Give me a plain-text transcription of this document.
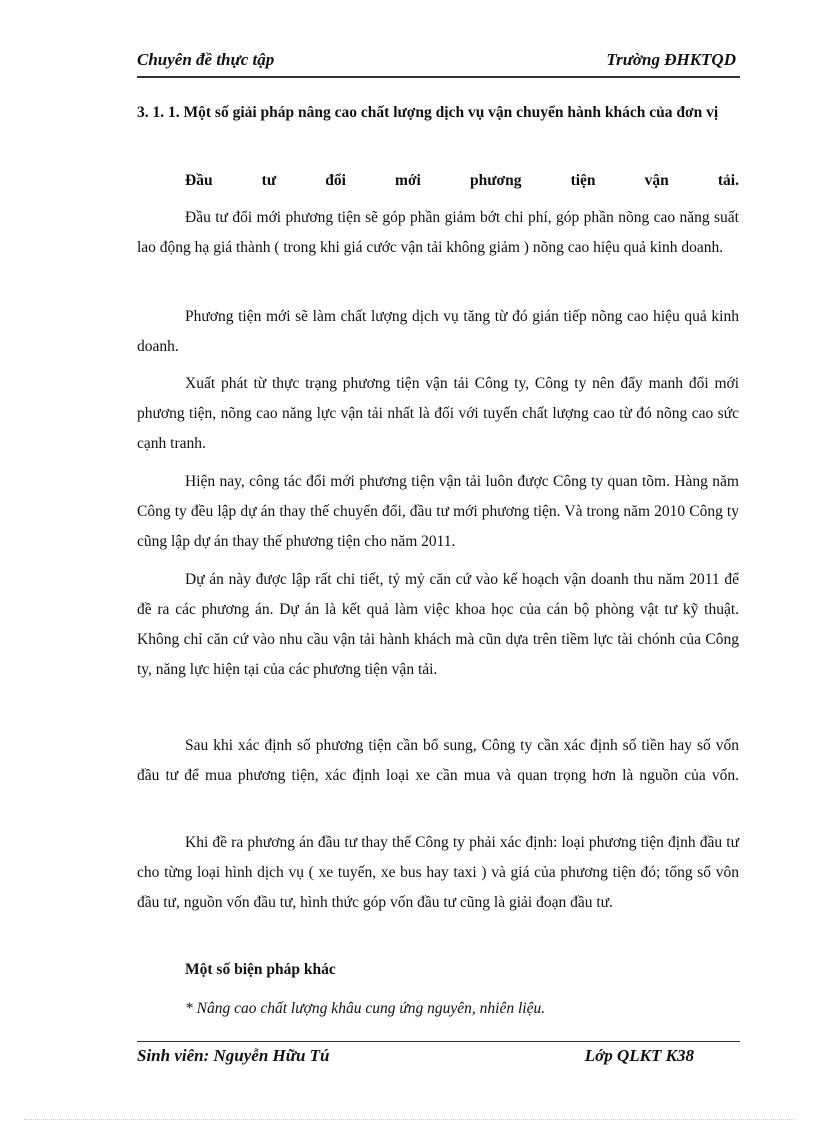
Chuyên đề thực tập	Trường ĐHKTQD
3. 1. 1. Một số giải pháp nâng cao chất lượng dịch vụ vận chuyển hành khách của đơn vị
Đầu tư đổi mới phương tiện vận tải.
Đầu tư đổi mới phương tiện sẽ góp phần giảm bớt chi phí, góp phần nõng cao năng suất lao động hạ giá thành ( trong khi giá cước vận tải không giảm ) nõng cao hiệu quả kinh doanh.
Phương tiện mới sẽ làm chất lượng dịch vụ tăng từ đó gián tiếp nõng cao hiệu quả kinh doanh.
Xuất phát từ thực trạng phương tiện vận tải Công ty, Công ty nên đẩy manh đổi mới phương tiện, nõng cao năng lực vận tải nhất là đối với tuyến chất lượng cao từ đó nõng cao sức cạnh tranh.
Hiện nay, công tác đổi mới phương tiện vận tải luôn được Công ty quan tõm. Hàng năm Công ty đều lập dự án thay thế chuyển đổi, đầu tư mới phương tiện. Và trong năm 2010 Công ty cũng lập dự án thay thế phương tiện cho năm 2011.
Dự án này được lập rất chi tiết, tỷ mỷ căn cứ vào kế hoạch vận doanh thu năm 2011 để đề ra các phương án. Dự án là kết quả làm việc khoa học của cán bộ phòng vật tư kỹ thuật. Không chỉ căn cứ vào nhu cầu vận tải hành khách mà cũn dựa trên tiềm lực tài chónh của Công ty, năng lực hiện tại của các phương tiện vận tải.
Sau khi xác định số phương tiện cần bổ sung, Công ty cần xác định số tiền hay số vốn đầu tư để mua phương tiện, xác định loại xe cần mua và quan trọng hơn là nguồn của vốn.
Khi đề ra phương án đầu tư thay thế Công ty phải xác định: loại phương tiện định đầu tư cho từng loại hình dịch vụ ( xe tuyến, xe bus hay taxi ) và giá của phương tiện đó; tổng số vôn đầu tư, nguồn vốn đầu tư, hình thức góp vốn đầu tư cũng là giải đoạn đầu tư.
Một số biện pháp khác
* Nâng cao chất lượng khâu cung ứng nguyên, nhiên liệu.
Sinh viên: Nguyễn Hữu Tú	Lớp QLKT K38
